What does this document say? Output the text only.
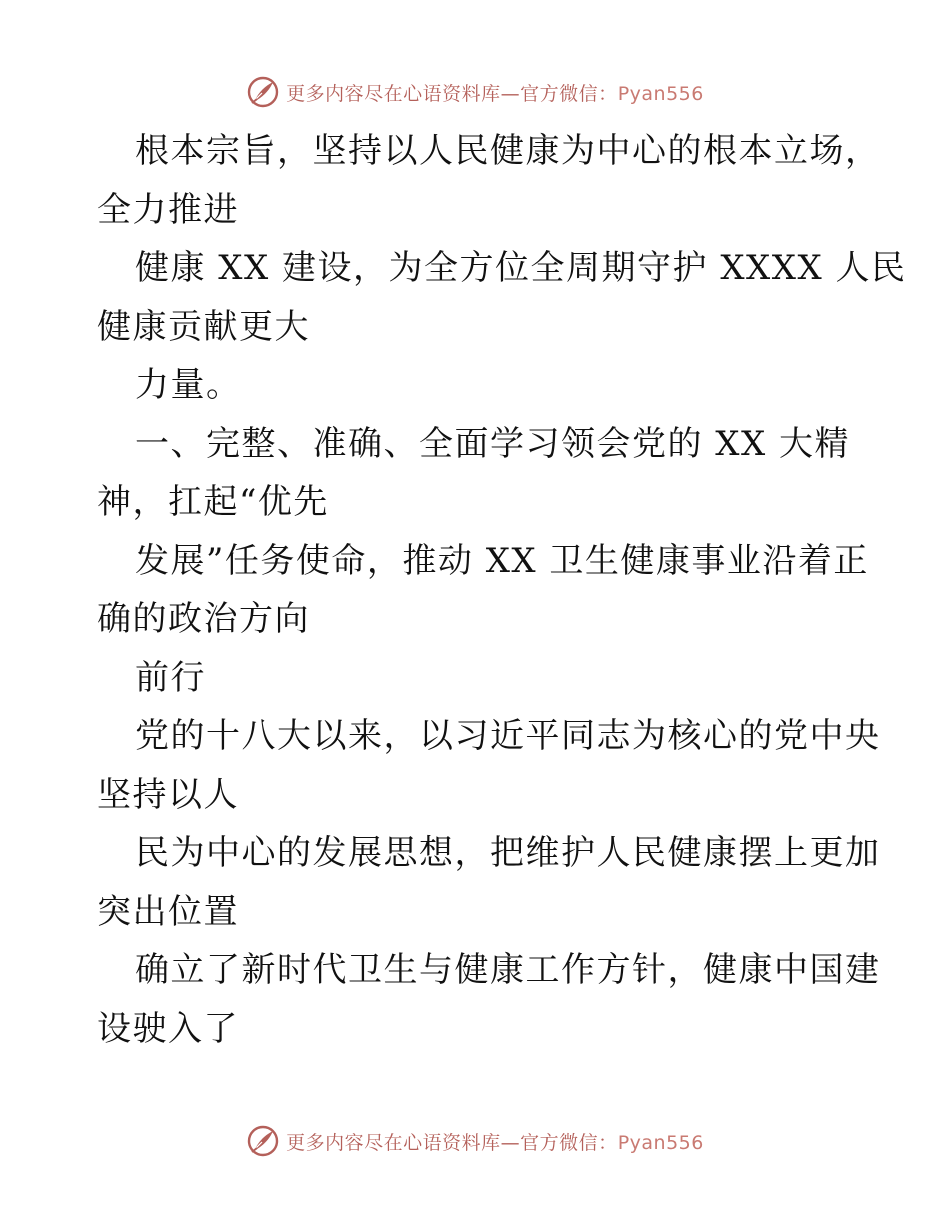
更多内容尽在心语资料库—官方微信：Pyan556
根本宗旨，坚持以人民健康为中心的根本立场，
全力推进
健康 XX 建设，为全方位全周期守护 XXXX 人民
健康贡献更大
力量。
一、完整、准确、全面学习领会党的 XX 大精
神，扛起“优先
发展”任务使命，推动 XX 卫生健康事业沿着正
确的政治方向
前行
党的十八大以来，以习近平同志为核心的党中央
坚持以人
民为中心的发展思想，把维护人民健康摆上更加
突出位置
确立了新时代卫生与健康工作方针，健康中国建
设驶入了
更多内容尽在心语资料库—官方微信：Pyan556
